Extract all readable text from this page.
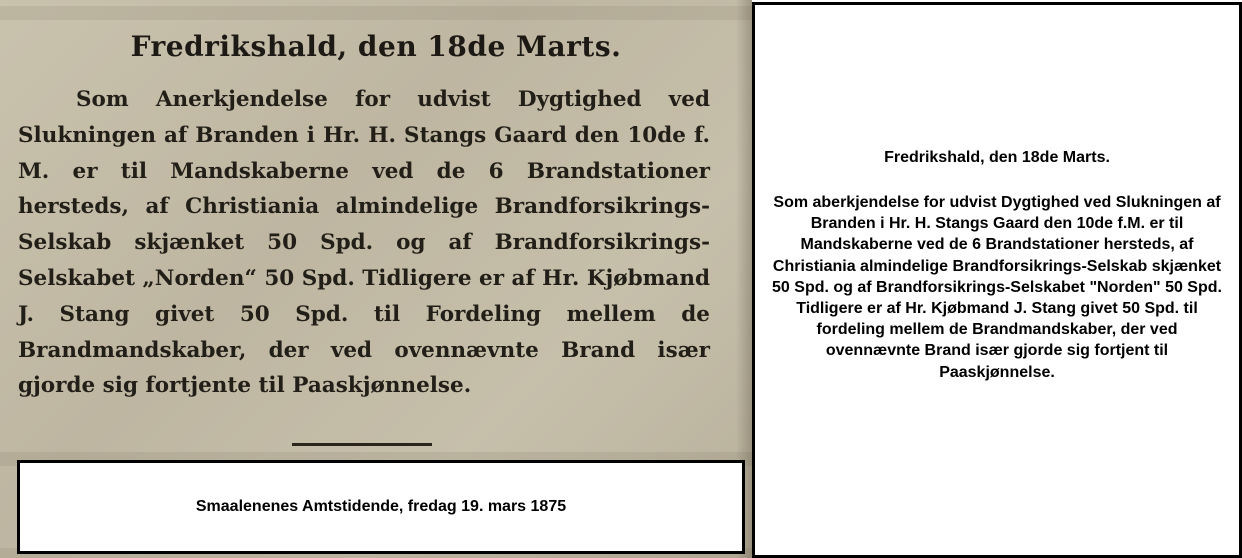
Fredrikshald, den 18de Marts.

Som Anerkjendelse for udvist Dygtighed ved Slukningen af Branden i Hr. H. Stangs Gaard den 10de f. M. er til Mandskaberne ved de 6 Brandstationer hersteds, af Christiania almindelige Brandforsikrings-Selskab skjænket 50 Spd. og af Brandforsikrings-Selskabet „Norden“ 50 Spd. Tidligere er af Hr. Kjøbmand J. Stang givet 50 Spd. til Fordeling mellem de Brandmandskaber, der ved ovennævnte Brand især gjorde sig fortjente til Paaskjønnelse.

Smaalenenes Amtstidende, fredag 19. mars 1875

Fredrikshald, den 18de Marts.

Som aberkjendelse for udvist Dygtighed ved Slukningen af Branden i Hr. H. Stangs Gaard den 10de f.M. er til Mandskaberne ved de 6 Brandstationer hersteds, af Christiania almindelige Brandforsikrings-Selskab skjænket 50 Spd. og af Brandforsikrings-Selskabet "Norden" 50 Spd. Tidligere er af Hr. Kjøbmand J. Stang givet 50 Spd. til fordeling mellem de Brandmandskaber, der ved ovennævnte Brand især gjorde sig fortjent til Paaskjønnelse.
